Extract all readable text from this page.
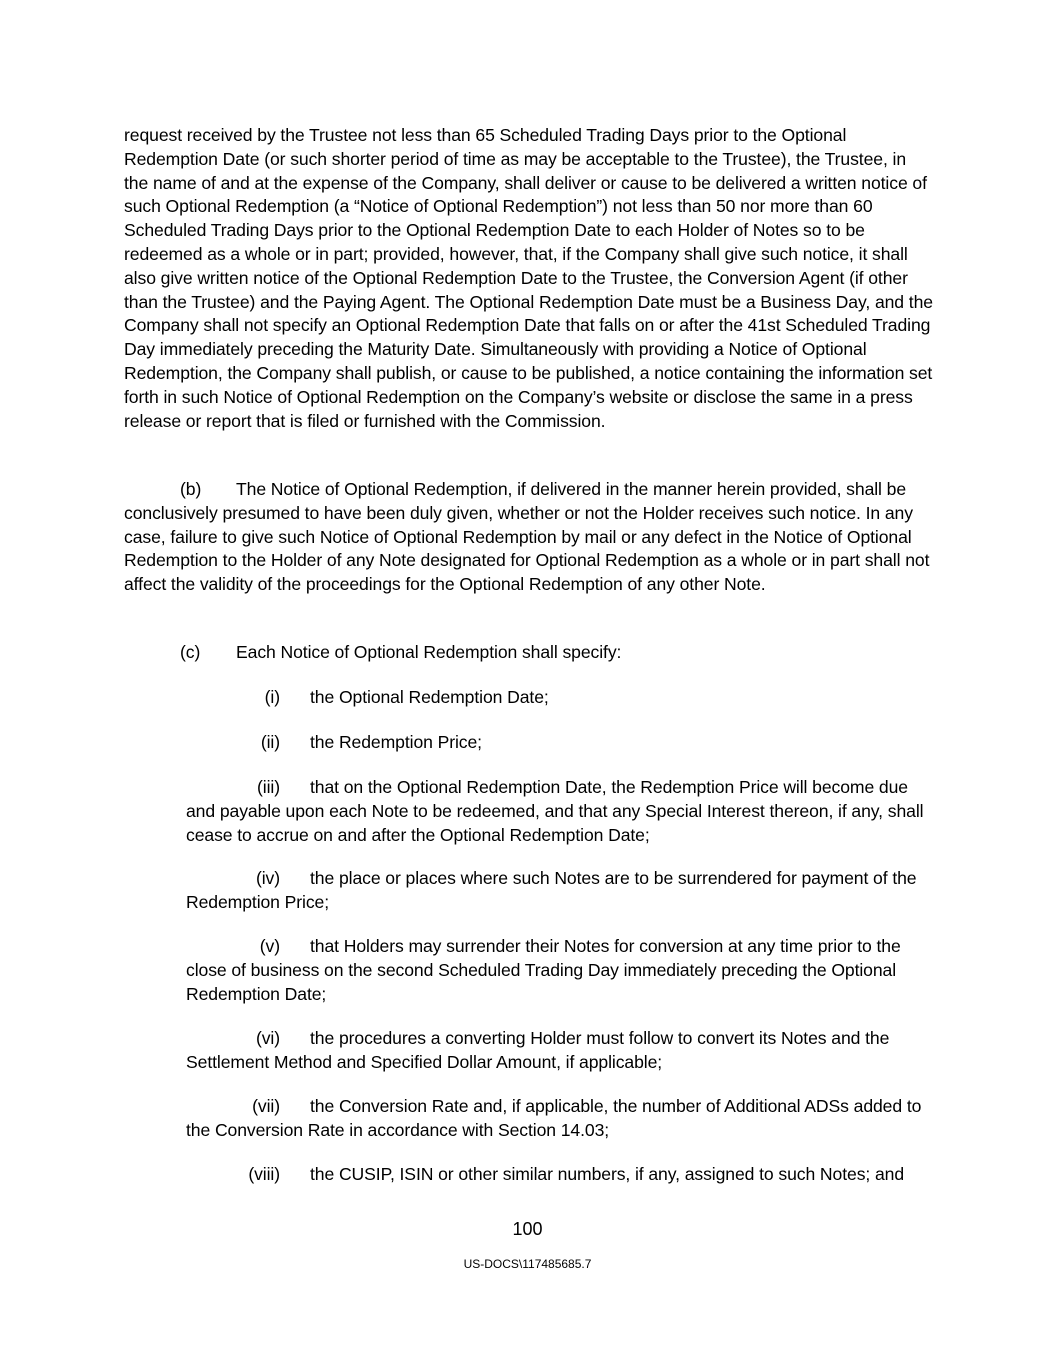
request received by the Trustee not less than 65 Scheduled Trading Days prior to the Optional Redemption Date (or such shorter period of time as may be acceptable to the Trustee), the Trustee, in the name of and at the expense of the Company, shall deliver or cause to be delivered a written notice of such Optional Redemption (a “Notice of Optional Redemption”) not less than 50 nor more than 60 Scheduled Trading Days prior to the Optional Redemption Date to each Holder of Notes so to be redeemed as a whole or in part; provided, however, that, if the Company shall give such notice, it shall also give written notice of the Optional Redemption Date to the Trustee, the Conversion Agent (if other than the Trustee) and the Paying Agent. The Optional Redemption Date must be a Business Day, and the Company shall not specify an Optional Redemption Date that falls on or after the 41st Scheduled Trading Day immediately preceding the Maturity Date. Simultaneously with providing a Notice of Optional Redemption, the Company shall publish, or cause to be published, a notice containing the information set forth in such Notice of Optional Redemption on the Company’s website or disclose the same in a press release or report that is filed or furnished with the Commission.
(b) The Notice of Optional Redemption, if delivered in the manner herein provided, shall be conclusively presumed to have been duly given, whether or not the Holder receives such notice. In any case, failure to give such Notice of Optional Redemption by mail or any defect in the Notice of Optional Redemption to the Holder of any Note designated for Optional Redemption as a whole or in part shall not affect the validity of the proceedings for the Optional Redemption of any other Note.
(c) Each Notice of Optional Redemption shall specify:
(i) the Optional Redemption Date;
(ii) the Redemption Price;
(iii) that on the Optional Redemption Date, the Redemption Price will become due and payable upon each Note to be redeemed, and that any Special Interest thereon, if any, shall cease to accrue on and after the Optional Redemption Date;
(iv) the place or places where such Notes are to be surrendered for payment of the Redemption Price;
(v) that Holders may surrender their Notes for conversion at any time prior to the close of business on the second Scheduled Trading Day immediately preceding the Optional Redemption Date;
(vi) the procedures a converting Holder must follow to convert its Notes and the Settlement Method and Specified Dollar Amount, if applicable;
(vii) the Conversion Rate and, if applicable, the number of Additional ADSs added to the Conversion Rate in accordance with Section 14.03;
(viii) the CUSIP, ISIN or other similar numbers, if any, assigned to such Notes; and
100
US-DOCS\117485685.7
